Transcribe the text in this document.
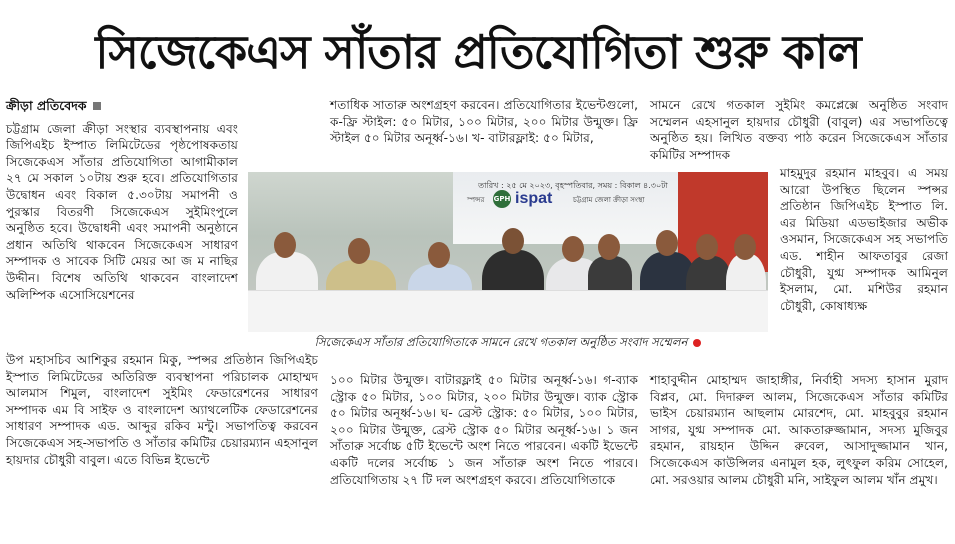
সিজেকেএস সাঁতার প্রতিযোগিতা শুরু কাল
ক্রীড়া প্রতিবেদক

চট্টগ্রাম জেলা ক্রীড়া সংস্থার ব্যবস্থাপনায় এবং জিপিএইচ ইস্পাত লিমিটেডের পৃষ্ঠপোষকতায় সিজেকেএস সাঁতার প্রতিযোগিতা আগামীকাল ২৭ মে সকাল ১০টায় শুরু হবে। প্রতিযোগিতার উদ্বোধন এবং বিকাল ৫.৩০টায় সমাপনী ও পুরস্কার বিতরণী সিজেকেএস সুইমিংপুলে অনুষ্ঠিত হবে। উদ্বোধনী এবং সমাপনী অনুষ্ঠানে প্রধান অতিথি থাকবেন সিজেকেএস সাধারণ সম্পাদক ও সাবেক সিটি মেয়র আ জ ম নাছির উদ্দীন। বিশেষ অতিথি থাকবেন বাংলাদেশ অলিম্পিক এসোসিয়েশনের

উপ মহাসচিব আশিকুর রহমান মিকু, স্পন্সর প্রতিষ্ঠান জিপিএইচ ইস্পাত লিমিটেডের অতিরিক্ত ব্যবস্থাপনা পরিচালক মোহাম্মদ আলমাস শিমুল, বাংলাদেশ সুইমিং ফেডারেশনের সাধারণ সম্পাদক এম বি সাইফ ও বাংলাদেশ অ্যাথলেটিক ফেডারেশনের সাধারণ সম্পাদক এড. আব্দুর রকিব মন্টু। সভাপতিত্ব করবেন সিজেকেএস সহ-সভাপতি ও সাঁতার কমিটির চেয়ারম্যান এহসানুল হায়দার চৌধুরী বাবুল। এতে বিভিন্ন ইভেন্টে

শতাধিক সাতারু অংশগ্রহণ করবেন। প্রতিযোগিতার ইভেন্টগুলো, ক-ফ্রি স্টাইল: ৫০ মিটার, ১০০ মিটার, ২০০ মিটার উন্মুক্ত। ফ্রি স্টাইল ৫০ মিটার অনূর্ধ্ব-১৬। খ- বাটারফ্লাই: ৫০ মিটার,

১০০ মিটার উন্মুক্ত। বাটারফ্লাই ৫০ মিটার অনূর্ধ্ব-১৬। গ-ব্যাক স্ট্রোক ৫০ মিটার, ১০০ মিটার, ২০০ মিটার উন্মুক্ত। ব্যাক স্ট্রোক ৫০ মিটার অনূর্ধ্ব-১৬। ঘ- ব্রেস্ট স্ট্রোক: ৫০ মিটার, ১০০ মিটার, ২০০ মিটার উন্মুক্ত, ব্রেস্ট স্ট্রোক ৫০ মিটার অনূর্ধ্ব-১৬। ১ জন সাঁতারু সর্বোচ্চ ৫টি ইভেন্টে অংশ নিতে পারবেন। একটি ইভেন্টে একটি দলের সর্বোচ্চ ১ জন সাঁতারু অংশ নিতে পারবে। প্রতিযোগিতায় ২৭ টি দল অংশগ্রহণ করবে। প্রতিযোগিতাকে

সামনে রেখে গতকাল সুইমিং কমপ্লেক্সে অনুষ্ঠিত সংবাদ সম্মেলন এহসানুল হায়দার চৌধুরী (বাবুল) এর সভাপতিত্বে অনুষ্ঠিত হয়। লিখিত বক্তব্য পাঠ করেন সিজেকেএস সাঁতার কমিটির সম্পাদক

মাহমুদুর রহমান মাহবুব। এ সময় আরো উপস্থিত ছিলেন স্পন্সর প্রতিষ্ঠান জিপিএইচ ইস্পাত লি. এর মিডিয়া এডভাইজার অভীক ওসমান, সিজেকেএস সহ সভাপতি এড. শাহীন আফতাবুর রেজা চৌধুরী, যুগ্ম সম্পাদক আমিনুল ইসলাম, মো. মশিউর রহমান চৌধুরী, কোষাধ্যক্ষ

শাহাবুদ্দীন মোহাম্মদ জাহাঙ্গীর, নির্বাহী সদস্য হাসান মুরাদ বিপ্লব, মো. দিদারুল আলম, সিজেকেএস সাঁতার কমিটির ভাইস চেয়ারম্যান আছলাম মোরশেদ, মো. মাহবুবুর রহমান সাগর, যুগ্ম সম্পাদক মো. আকতারুজ্জামান, সদস্য মুজিবুর রহমান, রায়হান উদ্দিন রুবেল, আসাদুজ্জামান খান, সিজেকেএস কাউন্সিলর এনামুল হক, লুৎফুল করিম সোহেল, মো. সরওয়ার আলম চৌধুরী মনি, সাইফুল আলম খাঁন প্রমুখ।

তারিখ : ২৫ মে ২০২৩, বৃহস্পতিবার, সময় : বিকাল ৪.৩০টা
স্পন্সর GPH ispat	চট্টগ্রাম জেলা ক্রীড়া সংস্থা
সিজেকেএস সাঁতার প্রতিযোগিতাকে সামনে রেখে গতকাল অনুষ্ঠিত সংবাদ সম্মেলন
